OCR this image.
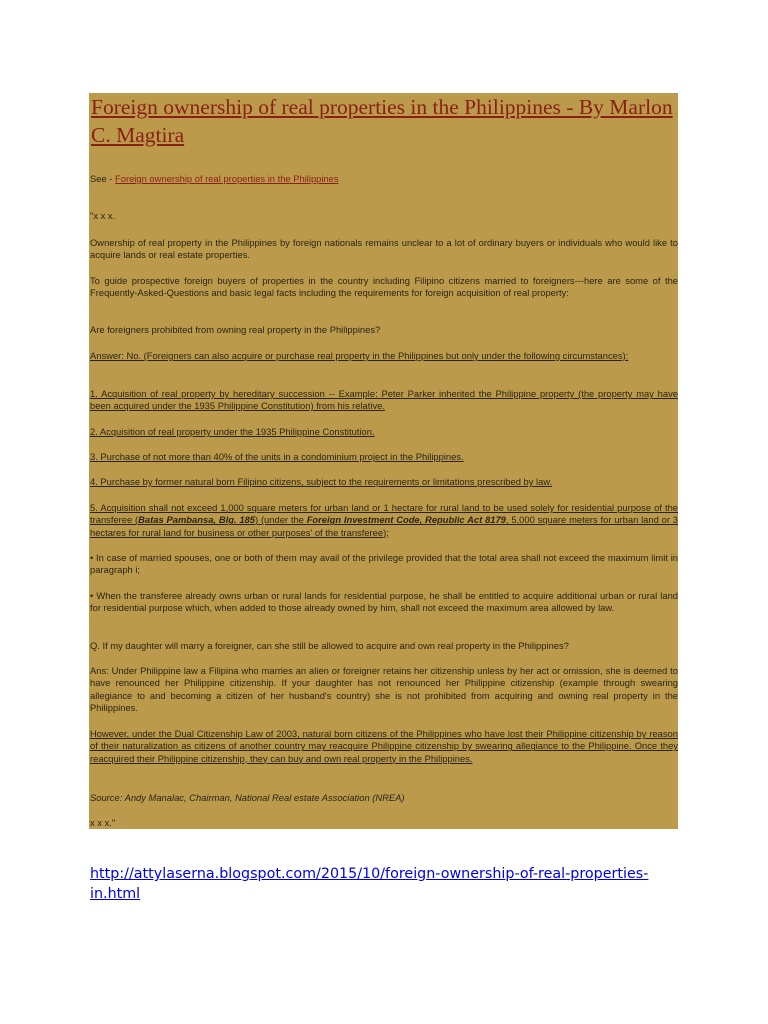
Foreign ownership of real properties in the Philippines - By Marlon C. Magtira
See - Foreign ownership of real properties in the Philippines
"x x x.
Ownership of real property in the Philippines by foreign nationals remains unclear to a lot of ordinary buyers or individuals who would like to acquire lands or real estate properties.
To guide prospective foreign buyers of properties in the country including Filipino citizens married to foreigners---here are some of the Frequently-Asked-Questions and basic legal facts including the requirements for foreign acquisition of real property:
Are foreigners prohibited from owning real property in the Philippines?
Answer: No. (Foreigners can also acquire or purchase real property in the Philippines but only under the following circumstances):
1. Acquisition of real property by hereditary succession -- Example: Peter Parker inherited the Philippine property (the property may have been acquired under the 1935 Philippine Constitution) from his relative.
2. Acquisition of real property under the 1935 Philippine Constitution.
3. Purchase of not more than 40% of the units in a condominium project in the Philippines.
4. Purchase by former natural born Filipino citizens, subject to the requirements or limitations prescribed by law.
5. Acquisition shall not exceed 1,000 square meters for urban land or 1 hectare for rural land to be used solely for residential purpose of the transferee (Batas Pambansa, Blg. 185) (under the Foreign Investment Code, Republic Act 8179, 5,000 square meters for urban land or 3 hectares for rural land for business or other purposes' of the transferee);
• In case of married spouses, one or both of them may avail of the privilege provided that the total area shall not exceed the maximum limit in paragraph i;
• When the transferee already owns urban or rural lands for residential purpose, he shall be entitled to acquire additional urban or rural land for residential purpose which, when added to those already owned by him, shall not exceed the maximum area allowed by law.
Q. If my daughter will marry a foreigner, can she still be allowed to acquire and own real property in the Philippines?
Ans: Under Philippine law a Filipina who marries an alien or foreigner retains her citizenship unless by her act or omission, she is deemed to have renounced her Philippine citizenship. If your daughter has not renounced her Philippine citizenship (example through swearing allegiance to and becoming a citizen of her husband's country) she is not prohibited from acquiring and owning real property in the Philippines.
However, under the Dual Citizenship Law of 2003, natural born citizens of the Philippines who have lost their Philippine citizenship by reason of their naturalization as citizens of another country may reacquire Philippine citizenship by swearing allegiance to the Philippine. Once they reacquired their Philippine citizenship, they can buy and own real property in the Philippines.
Source: Andy Manalac, Chairman, National Real estate Association (NREA)
x x x."
http://attylaserna.blogspot.com/2015/10/foreign-ownership-of-real-properties-in.html
